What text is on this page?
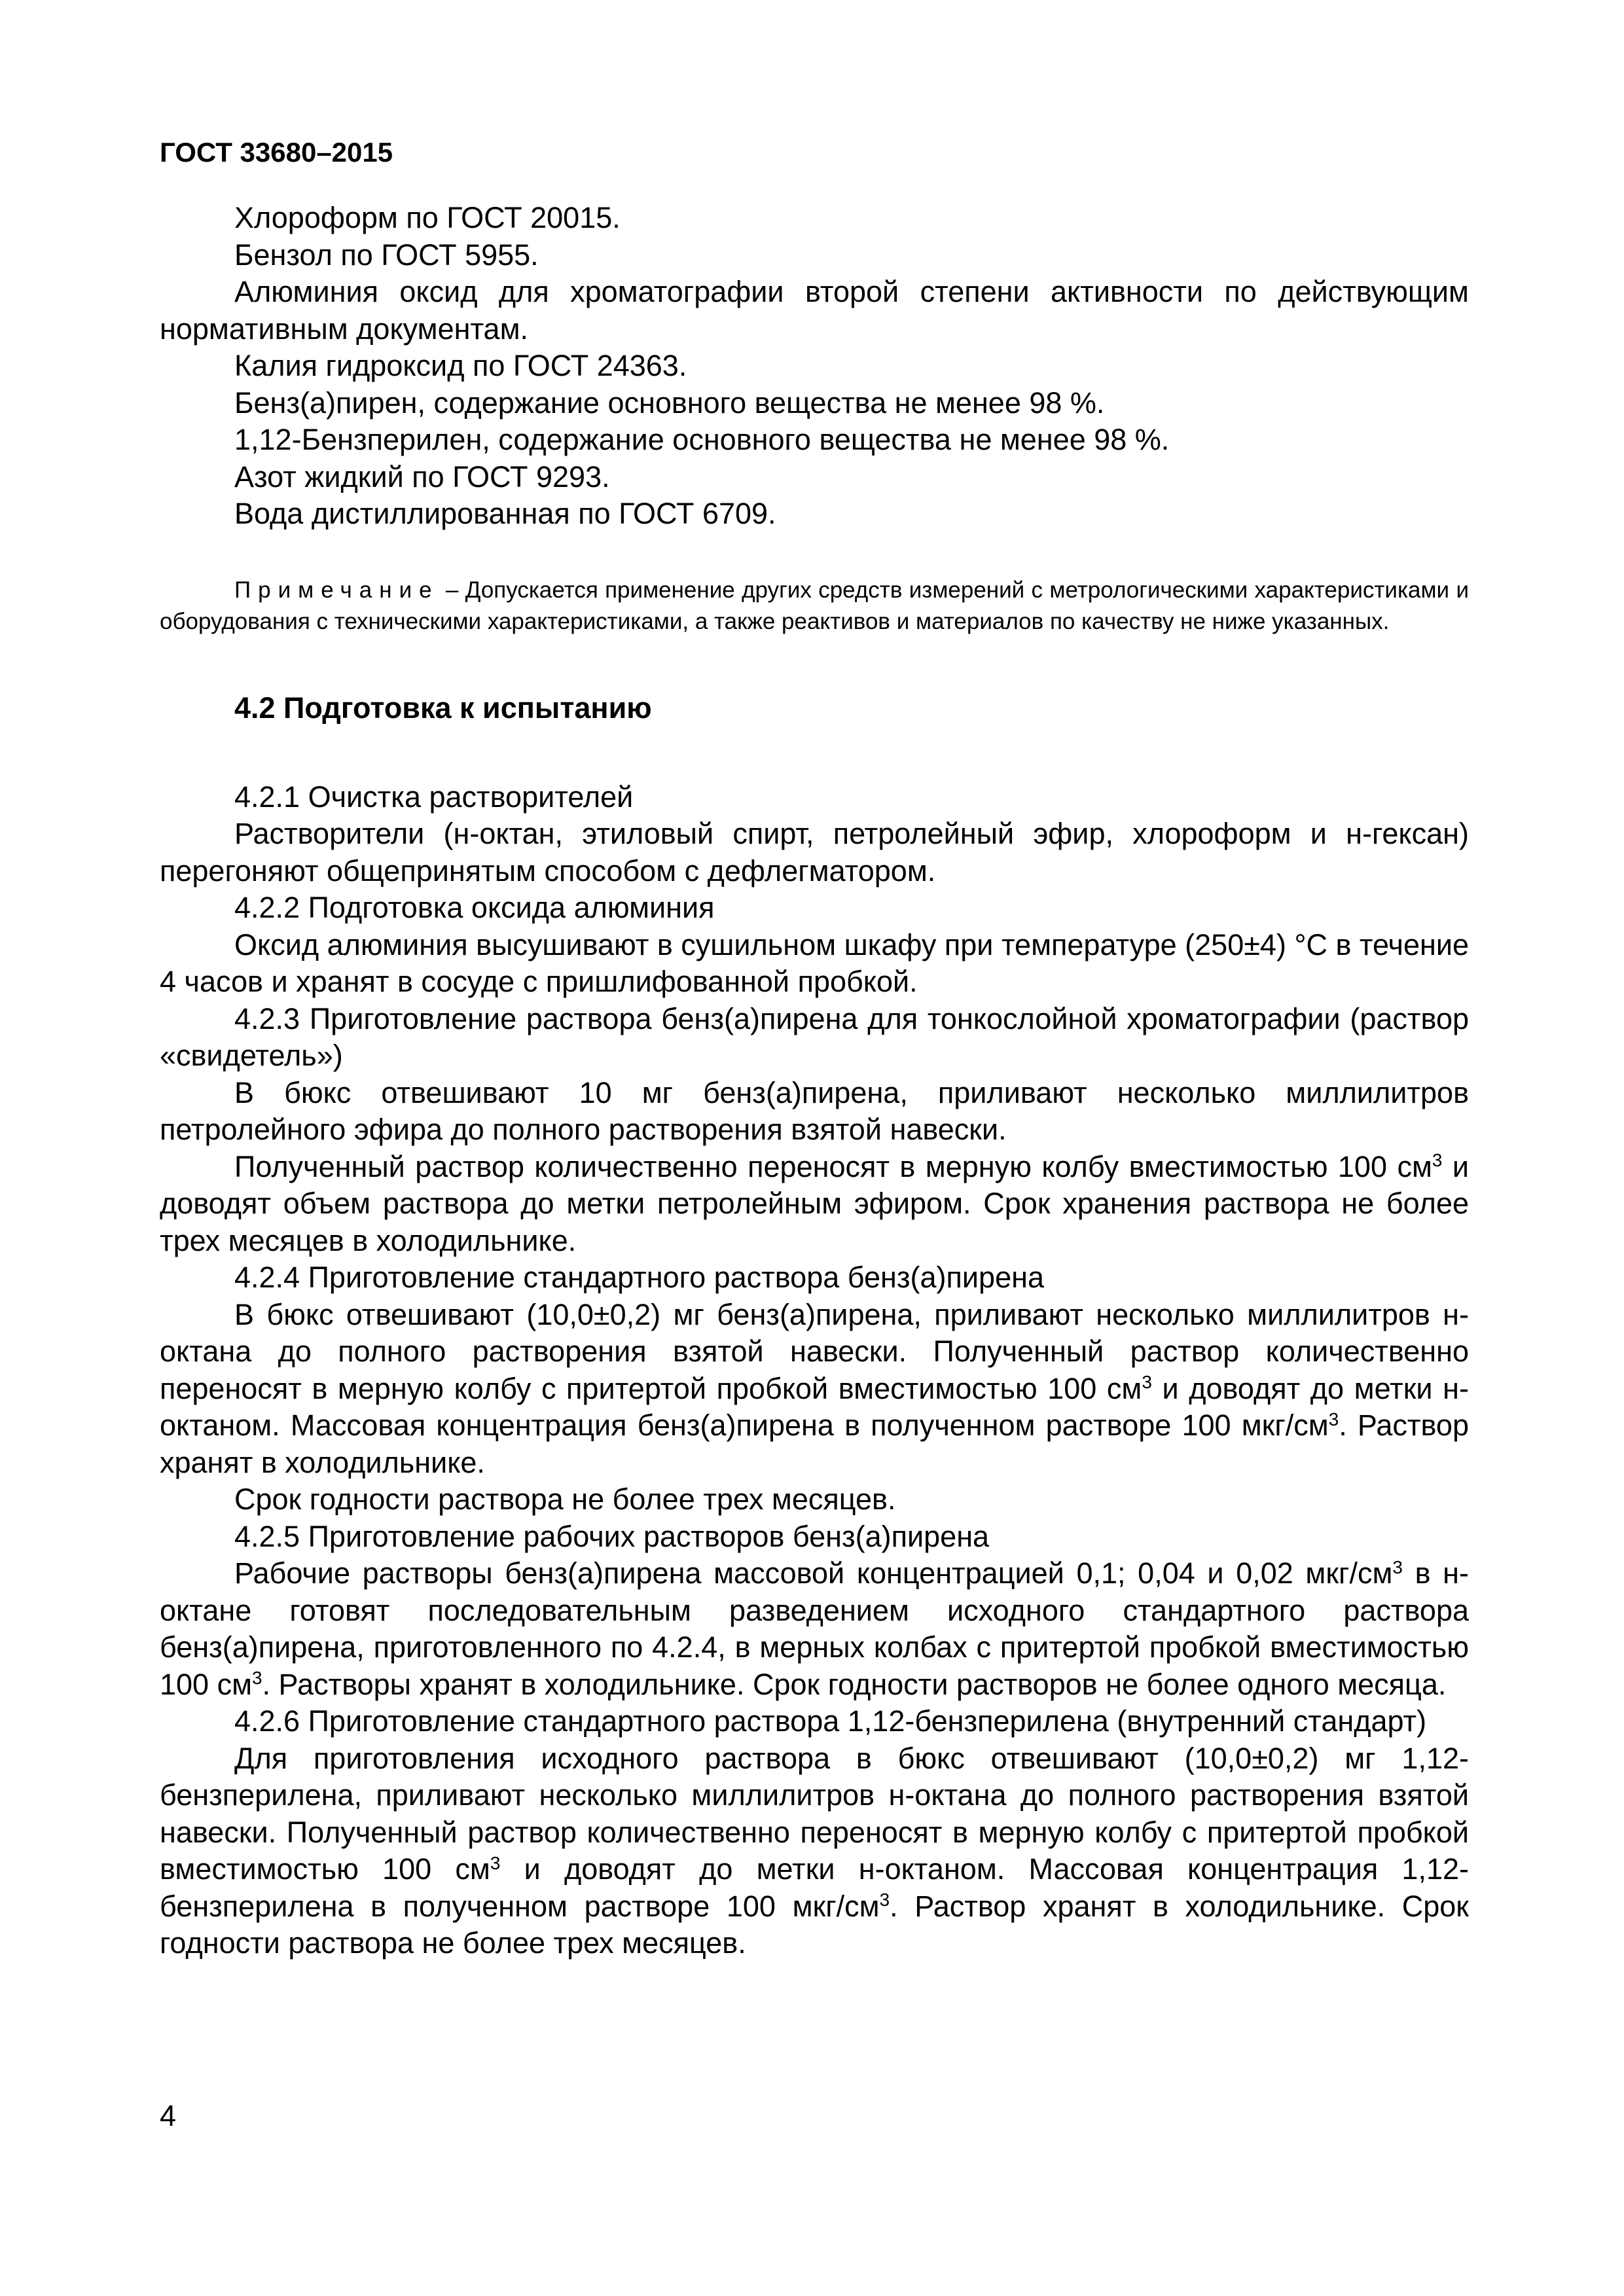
ГОСТ 33680–2015

Хлороформ по ГОСТ 20015.

Бензол по ГОСТ 5955.

Алюминия оксид для хроматографии второй степени активности по действующим нормативным документам.

Калия гидроксид по ГОСТ 24363.

Бенз(а)пирен, содержание основного вещества не менее 98 %.

1,12-Бензперилен, содержание основного вещества не менее 98 %.

Азот жидкий по ГОСТ 9293.

Вода дистиллированная по ГОСТ 6709.

Примечание – Допускается применение других средств измерений с метрологическими характеристиками и оборудования с техническими характеристиками, а также реактивов и материалов по качеству не ниже указанных.

4.2 Подготовка к испытанию

4.2.1 Очистка растворителей

Растворители (н-октан, этиловый спирт, петролейный эфир, хлороформ и н-гексан) перегоняют общепринятым способом с дефлегматором.

4.2.2 Подготовка оксида алюминия

Оксид алюминия высушивают в сушильном шкафу при температуре (250±4) °С в течение 4 часов и хранят в сосуде с пришлифованной пробкой.

4.2.3 Приготовление раствора бенз(а)пирена для тонкослойной хроматографии (раствор «свидетель»)

В бюкс отвешивают 10 мг бенз(а)пирена, приливают несколько миллилитров петролейного эфира до полного растворения взятой навески.

Полученный раствор количественно переносят в мерную колбу вместимостью 100 $см^3$ и доводят объем раствора до метки петролейным эфиром. Срок хранения раствора не более трех месяцев в холодильнике.

4.2.4 Приготовление стандартного раствора бенз(а)пирена

В бюкс отвешивают (10,0±0,2) мг бенз(а)пирена, приливают несколько миллилитров н-октана до полного растворения взятой навески. Полученный раствор количественно переносят в мерную колбу с притертой пробкой вместимостью 100 $см^3$ и доводят до метки н-октаном. Массовая концентрация бенз(а)пирена в полученном растворе 100 мкг/$см^3$. Раствор хранят в холодильнике.

Срок годности раствора не более трех месяцев.

4.2.5 Приготовление рабочих растворов бенз(а)пирена

Рабочие растворы бенз(а)пирена массовой концентрацией 0,1; 0,04 и 0,02 мкг/$см^3$ в н-октане готовят последовательным разведением исходного стандартного раствора бенз(а)пирена, приготовленного по 4.2.4, в мерных колбах с притертой пробкой вместимостью 100 $см^3$. Растворы хранят в холодильнике. Срок годности растворов не более одного месяца.

4.2.6 Приготовление стандартного раствора 1,12-бензперилена (внутренний стандарт)

Для приготовления исходного раствора в бюкс отвешивают (10,0±0,2) мг 1,12-бензперилена, приливают несколько миллилитров н-октана до полного растворения взятой навески. Полученный раствор количественно переносят в мерную колбу с притертой пробкой вместимостью 100 $см^3$ и доводят до метки н-октаном. Массовая концентрация 1,12-бензперилена в полученном растворе 100 мкг/$см^3$. Раствор хранят в холодильнике. Срок годности раствора не более трех месяцев.

4
